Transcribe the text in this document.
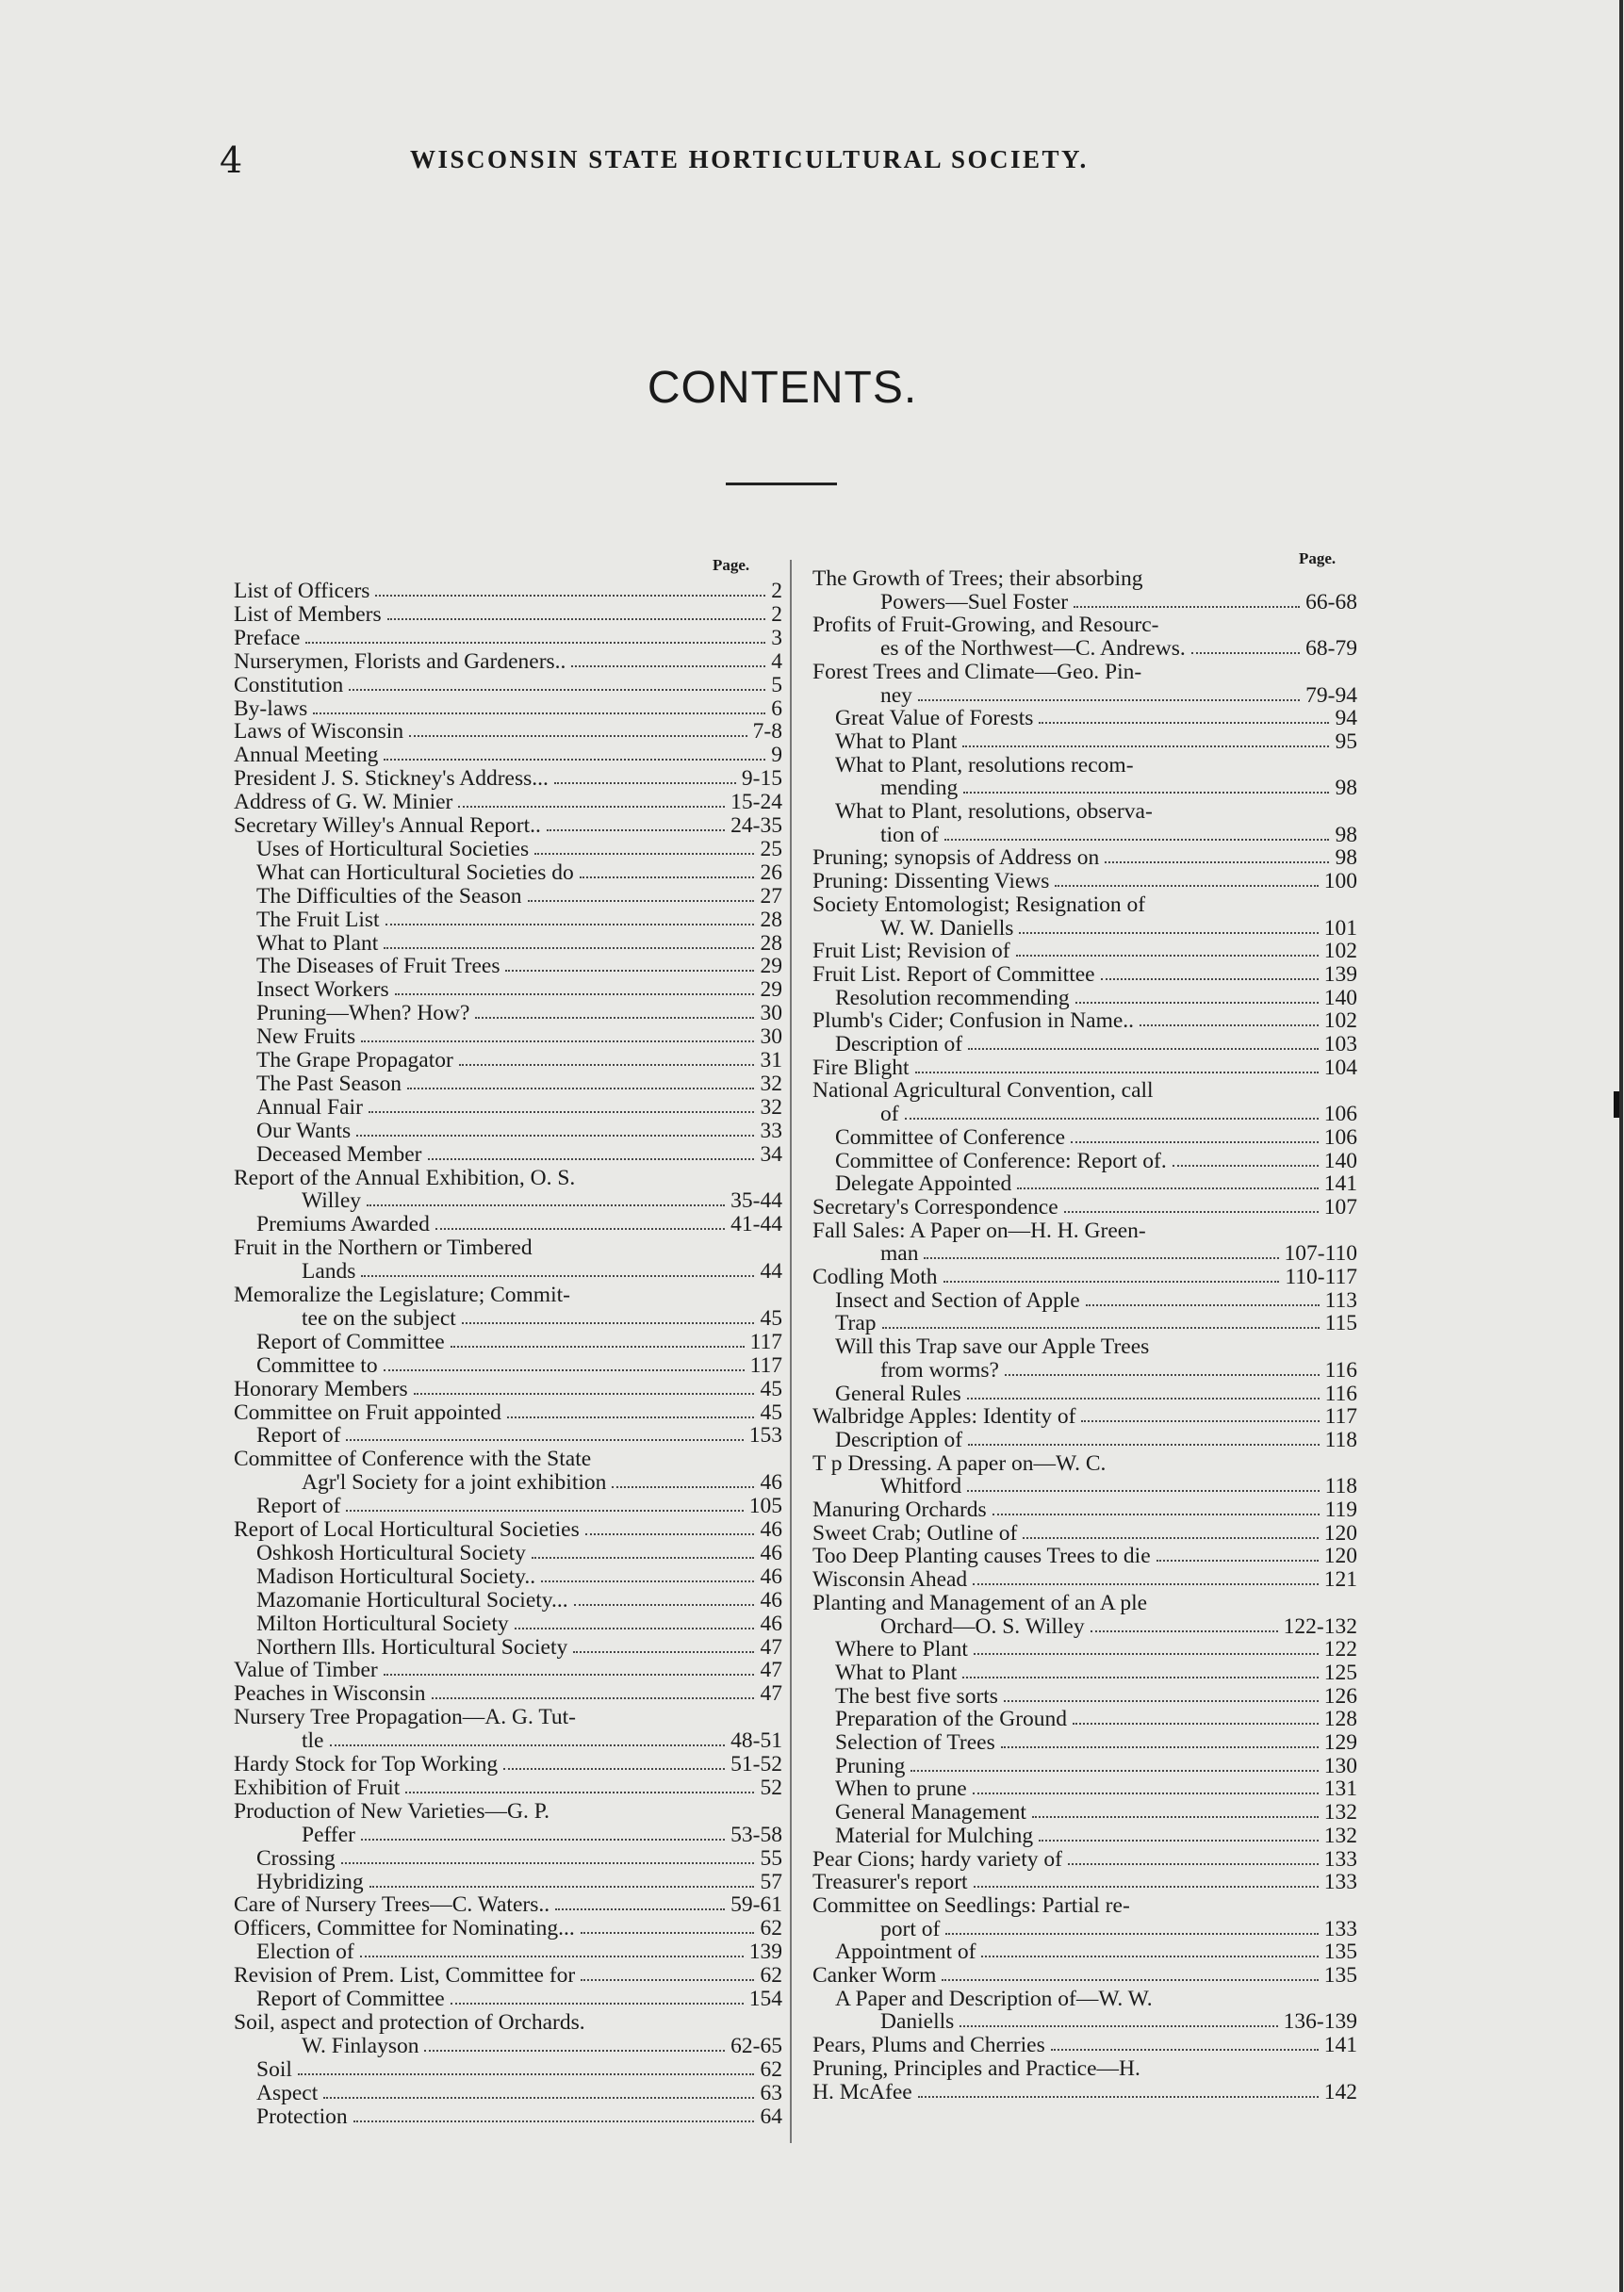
4	WISCONSIN STATE HORTICULTURAL SOCIETY.
CONTENTS.
Page.	Page.
List of Officers	2
List of Members	2
Preface	3
Nurserymen, Florists and Gardeners..	4
Constitution	5
By-laws	6
Laws of Wisconsin	7-8
Annual Meeting	9
President J. S. Stickney's Address...	9-15
Address of G. W. Minier	15-24
Secretary Willey's Annual Report..	24-35
Uses of Horticultural Societies	25
What can Horticultural Societies do	26
The Difficulties of the Season	27
The Fruit List	28
What to Plant	28
The Diseases of Fruit Trees	29
Insect Workers	29
Pruning—When? How?	30
New Fruits	30
The Grape Propagator	31
The Past Season	32
Annual Fair	32
Our Wants	33
Deceased Member	34
Report of the Annual Exhibition, O. S.
Willey	35-44
Premiums Awarded	41-44
Fruit in the Northern or Timbered
Lands	44
Memoralize the Legislature; Commit-
tee on the subject	45
Report of Committee	117
Committee to	117
Honorary Members	45
Committee on Fruit appointed	45
Report of	153
Committee of Conference with the State
Agr'l Society for a joint exhibition	46
Report of	105
Report of Local Horticultural Societies	46
Oshkosh Horticultural Society	46
Madison Horticultural Society..	46
Mazomanie Horticultural Society...	46
Milton Horticultural Society	46
Northern Ills. Horticultural Society	47
Value of Timber	47
Peaches in Wisconsin	47
Nursery Tree Propagation—A. G. Tut-
tle	48-51
Hardy Stock for Top Working	51-52
Exhibition of Fruit	52
Production of New Varieties—G. P.
Peffer	53-58
Crossing	55
Hybridizing	57
Care of Nursery Trees—C. Waters..	59-61
Officers, Committee for Nominating...	62
Election of	139
Revision of Prem. List, Committee for	62
Report of Committee	154
Soil, aspect and protection of Orchards.
W. Finlayson	62-65
Soil	62
Aspect	63
Protection	64
The Growth of Trees; their absorbing
Powers—Suel Foster	66-68
Profits of Fruit-Growing, and Resourc-
es of the Northwest—C. Andrews.	68-79
Forest Trees and Climate—Geo. Pin-
ney	79-94
Great Value of Forests	94
What to Plant	95
What to Plant, resolutions recom-
mending	98
What to Plant, resolutions, observa-
tion of	98
Pruning; synopsis of Address on	98
Pruning: Dissenting Views	100
Society Entomologist; Resignation of
W. W. Daniells	101
Fruit List; Revision of	102
Fruit List. Report of Committee	139
Resolution recommending	140
Plumb's Cider; Confusion in Name..	102
Description of	103
Fire Blight	104
National Agricultural Convention, call
of	106
Committee of Conference	106
Committee of Conference: Report of.	140
Delegate Appointed	141
Secretary's Correspondence	107
Fall Sales: A Paper on—H. H. Green-
man	107-110
Codling Moth	110-117
Insect and Section of Apple	113
Trap	115
Will this Trap save our Apple Trees
from worms?	116
General Rules	116
Walbridge Apples: Identity of	117
Description of	118
T p Dressing. A paper on—W. C.
Whitford	118
Manuring Orchards	119
Sweet Crab; Outline of	120
Too Deep Planting causes Trees to die	120
Wisconsin Ahead	121
Planting and Management of an A ple
Orchard—O. S. Willey	122-132
Where to Plant	122
What to Plant	125
The best five sorts	126
Preparation of the Ground	128
Selection of Trees	129
Pruning	130
When to prune	131
General Management	132
Material for Mulching	132
Pear Cions; hardy variety of	133
Treasurer's report	133
Committee on Seedlings: Partial re-
port of	133
Appointment of	135
Canker Worm	135
A Paper and Description of—W. W.
Daniells	136-139
Pears, Plums and Cherries	141
Pruning, Principles and Practice—H.
H. McAfee	142
